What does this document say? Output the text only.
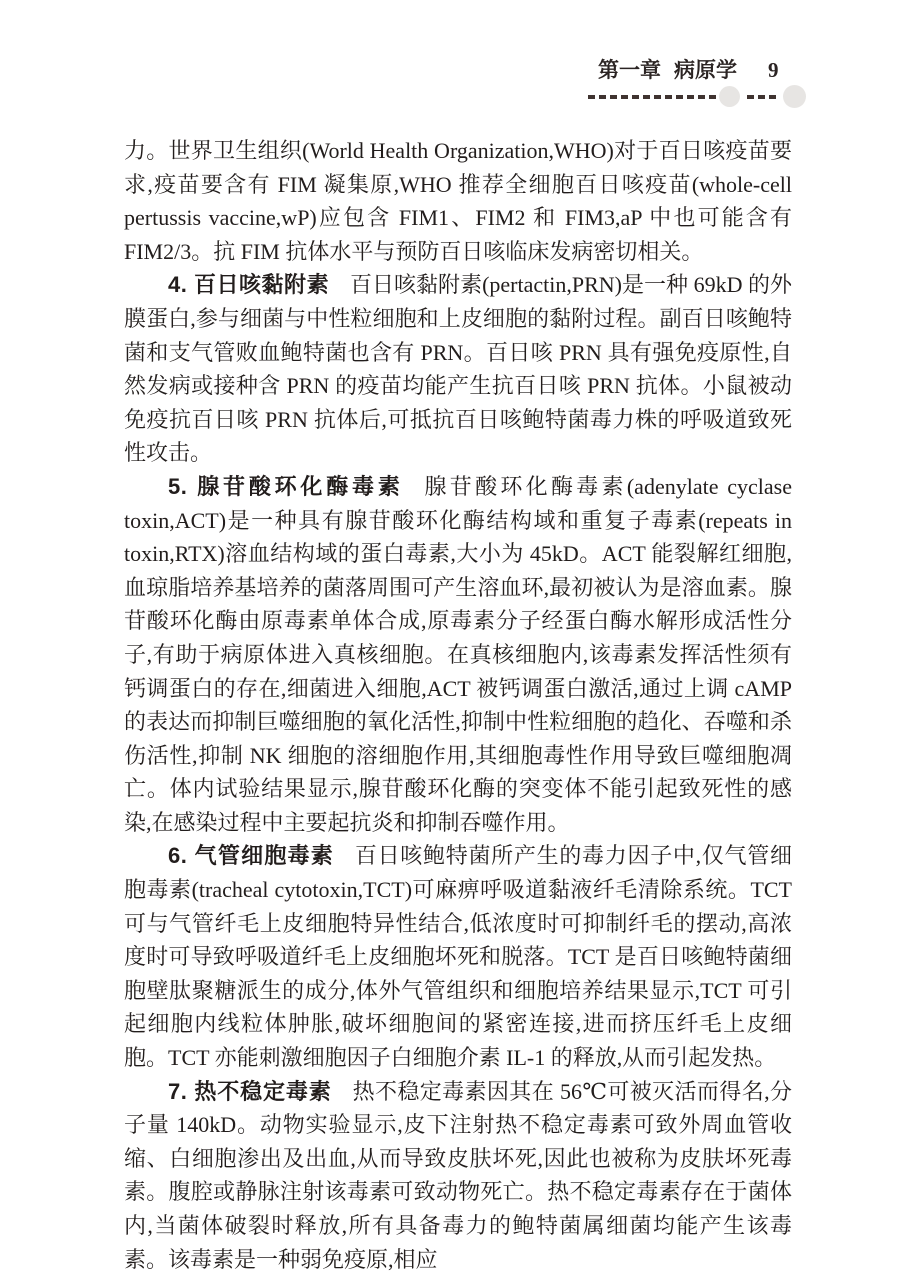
第一章 病原学 9

力。世界卫生组织(World Health Organization,WHO)对于百日咳疫苗要求,疫苗要含有 FIM 凝集原,WHO 推荐全细胞百日咳疫苗(whole-cell pertussis vaccine,wP)应包含 FIM1、FIM2 和 FIM3,aP 中也可能含有 FIM2/3。抗 FIM 抗体水平与预防百日咳临床发病密切相关。

4. 百日咳黏附素 百日咳黏附素(pertactin,PRN)是一种 69kD 的外膜蛋白,参与细菌与中性粒细胞和上皮细胞的黏附过程。副百日咳鲍特菌和支气管败血鲍特菌也含有 PRN。百日咳 PRN 具有强免疫原性,自然发病或接种含 PRN 的疫苗均能产生抗百日咳 PRN 抗体。小鼠被动免疫抗百日咳 PRN 抗体后,可抵抗百日咳鲍特菌毒力株的呼吸道致死性攻击。

5. 腺苷酸环化酶毒素 腺苷酸环化酶毒素(adenylate cyclase toxin,ACT)是一种具有腺苷酸环化酶结构域和重复子毒素(repeats in toxin,RTX)溶血结构域的蛋白毒素,大小为 45kD。ACT 能裂解红细胞,血琼脂培养基培养的菌落周围可产生溶血环,最初被认为是溶血素。腺苷酸环化酶由原毒素单体合成,原毒素分子经蛋白酶水解形成活性分子,有助于病原体进入真核细胞。在真核细胞内,该毒素发挥活性须有钙调蛋白的存在,细菌进入细胞,ACT 被钙调蛋白激活,通过上调 cAMP 的表达而抑制巨噬细胞的氧化活性,抑制中性粒细胞的趋化、吞噬和杀伤活性,抑制 NK 细胞的溶细胞作用,其细胞毒性作用导致巨噬细胞凋亡。体内试验结果显示,腺苷酸环化酶的突变体不能引起致死性的感染,在感染过程中主要起抗炎和抑制吞噬作用。

6. 气管细胞毒素 百日咳鲍特菌所产生的毒力因子中,仅气管细胞毒素(tracheal cytotoxin,TCT)可麻痹呼吸道黏液纤毛清除系统。TCT 可与气管纤毛上皮细胞特异性结合,低浓度时可抑制纤毛的摆动,高浓度时可导致呼吸道纤毛上皮细胞坏死和脱落。TCT 是百日咳鲍特菌细胞壁肽聚糖派生的成分,体外气管组织和细胞培养结果显示,TCT 可引起细胞内线粒体肿胀,破坏细胞间的紧密连接,进而挤压纤毛上皮细胞。TCT 亦能刺激细胞因子白细胞介素 IL-1 的释放,从而引起发热。

7. 热不稳定毒素 热不稳定毒素因其在 56℃可被灭活而得名,分子量 140kD。动物实验显示,皮下注射热不稳定毒素可致外周血管收缩、白细胞渗出及出血,从而导致皮肤坏死,因此也被称为皮肤坏死毒素。腹腔或静脉注射该毒素可致动物死亡。热不稳定毒素存在于菌体内,当菌体破裂时释放,所有具备毒力的鲍特菌属细菌均能产生该毒素。该毒素是一种弱免疫原,相应
